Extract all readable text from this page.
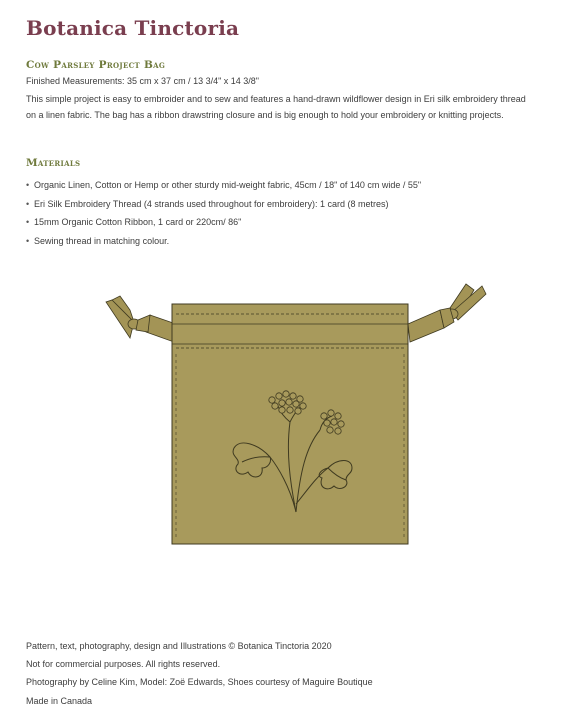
Botanica Tinctoria
Cow Parsley Project Bag

Finished Measurements: 35 cm x 37 cm / 13 3/4" x 14 3/8"

This simple project is easy to embroider and to sew and features a hand-drawn wildflower design in Eri silk embroidery thread on a linen fabric. The bag has a ribbon drawstring closure and is big enough to hold your embroidery or knitting projects.

Materials
• Organic Linen, Cotton or Hemp or other sturdy mid-weight fabric, 45cm / 18" of 140 cm wide / 55"
• Eri Silk Embroidery Thread (4 strands used throughout for embroidery): 1 card (8 metres)
• 15mm Organic Cotton Ribbon, 1 card or 220cm/ 86"
• Sewing thread in matching colour.
Pattern, text, photography, design and Illustrations © Botanica Tinctoria 2020
Not for commercial purposes. All rights reserved.
Photography by Celine Kim, Model: Zoë Edwards, Shoes courtesy of Maguire Boutique
Made in Canada
